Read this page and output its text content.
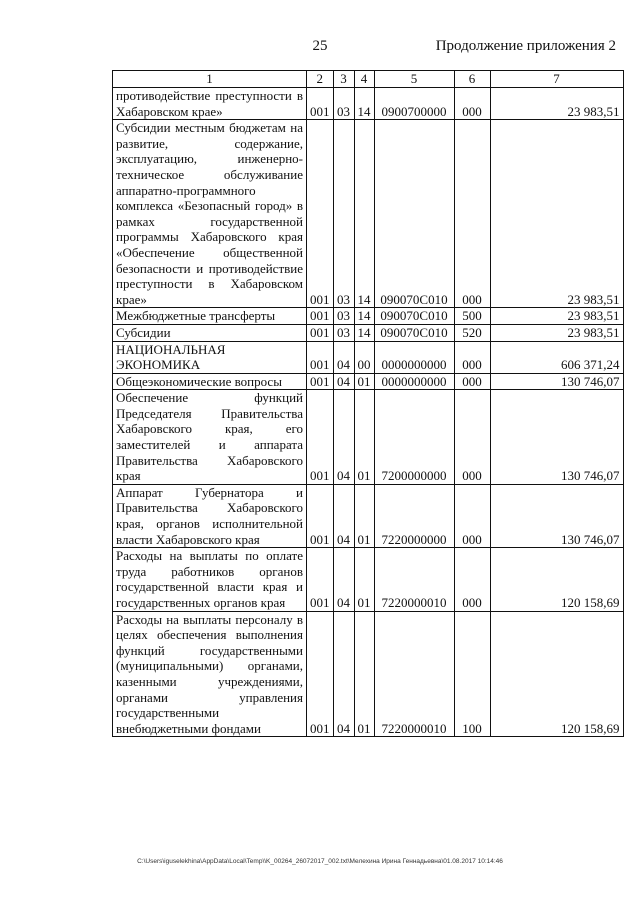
25	Продолжение приложения 2
1	2	3	4	5	6	7
противодействие преступности в Хабаровском крае»	001	03	14	0900700000	000	23 983,51
Субсидии местным бюджетам на развитие, содержание, эксплуатацию, инженерно-техническое обслуживание аппаратно-программного комплекса «Безопасный город» в рамках государственной программы Хабаровского края «Обеспечение общественной безопасности и противодействие преступности в Хабаровском крае»	001	03	14	090070С010	000	23 983,51
Межбюджетные трансферты	001	03	14	090070С010	500	23 983,51
Субсидии	001	03	14	090070С010	520	23 983,51
НАЦИОНАЛЬНАЯ ЭКОНОМИКА	001	04	00	0000000000	000	606 371,24
Общеэкономические вопросы	001	04	01	0000000000	000	130 746,07
Обеспечение функций Председателя Правительства Хабаровского края, его заместителей и аппарата Правительства Хабаровского края	001	04	01	7200000000	000	130 746,07
Аппарат Губернатора и Правительства Хабаровского края, органов исполнительной власти Хабаровского края	001	04	01	7220000000	000	130 746,07
Расходы на выплаты по оплате труда работников органов государственной власти края и государственных органов края	001	04	01	7220000010	000	120 158,69
Расходы на выплаты персоналу в целях обеспечения выполнения функций государственными (муниципальными) органами, казенными учреждениями, органами управления государственными внебюджетными фондами	001	04	01	7220000010	100	120 158,69
C:\Users\iguselekhina\AppData\Local\Temp\\K_00264_26072017_002.txt\Мелехина Ирина Геннадьевна\01.08.2017 10:14:46
